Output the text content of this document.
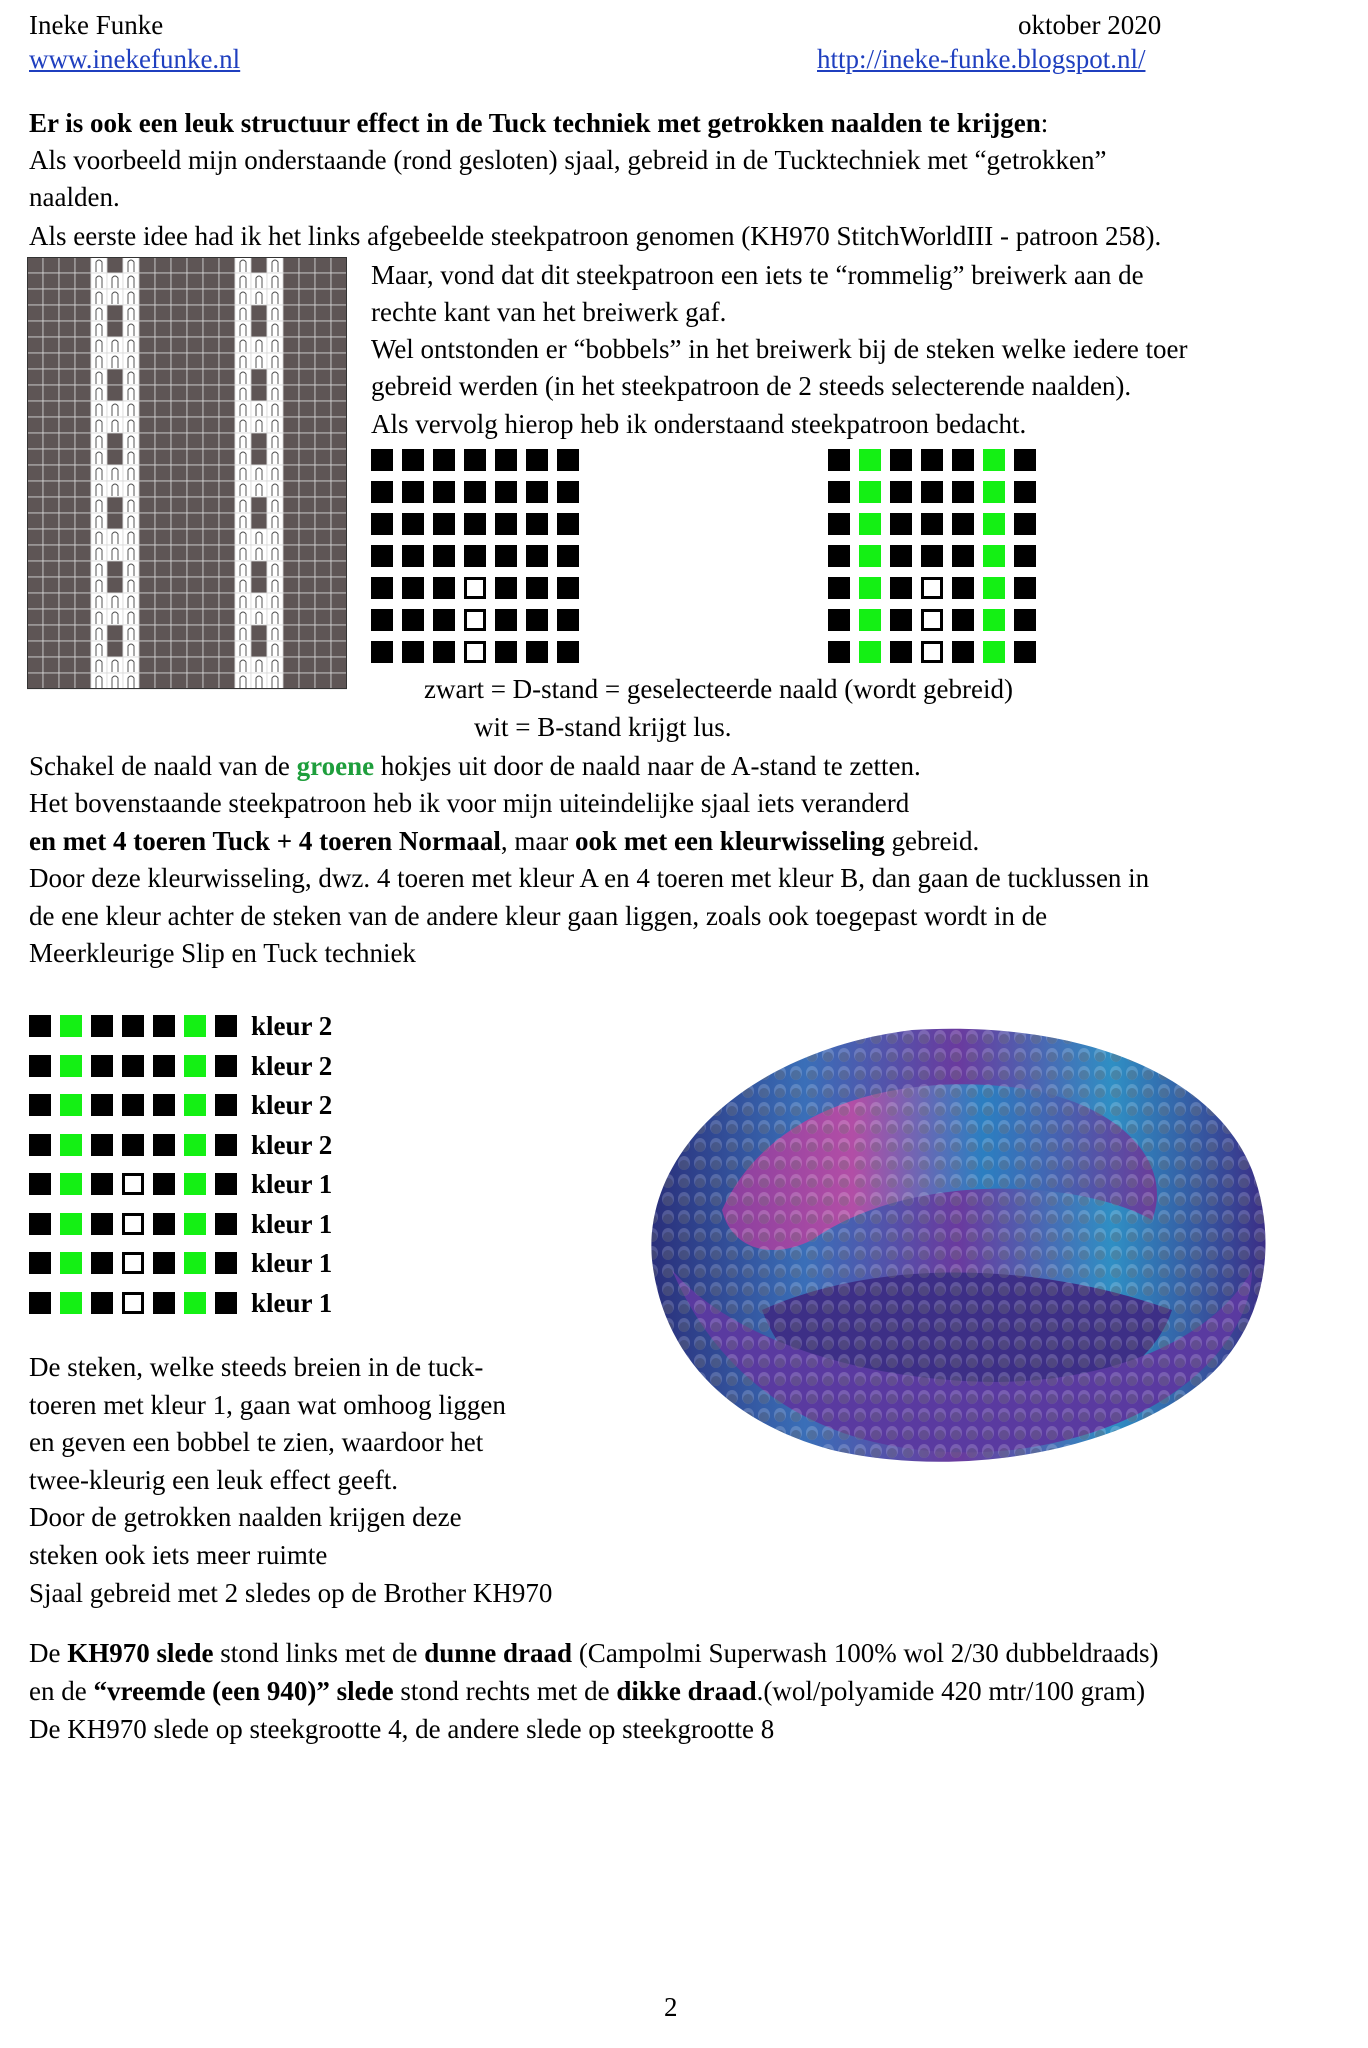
Ineke Funke	oktober 2020
www.inekefunke.nl	http://ineke-funke.blogspot.nl/
Er is ook een leuk structuur effect in de Tuck techniek met getrokken naalden te krijgen:
Als voorbeeld mijn onderstaande (rond gesloten) sjaal, gebreid in de Tucktechniek met “getrokken”
naalden.
Als eerste idee had ik het links afgebeelde steekpatroon genomen (KH970 StitchWorldIII - patroon 258).
Maar, vond dat dit steekpatroon een iets te “rommelig” breiwerk aan de
rechte kant van het breiwerk gaf.
Wel ontstonden er “bobbels” in het breiwerk bij de steken welke iedere toer
gebreid werden (in het steekpatroon de 2 steeds selecterende naalden).
Als vervolg hierop heb ik onderstaand steekpatroon bedacht.
zwart = D-stand = geselecteerde naald (wordt gebreid)
wit = B-stand krijgt lus.
Schakel de naald van de groene hokjes uit door de naald naar de A-stand te zetten.
Het bovenstaande steekpatroon heb ik voor mijn uiteindelijke sjaal iets veranderd
en met 4 toeren Tuck + 4 toeren Normaal, maar ook met een kleurwisseling gebreid.
Door deze kleurwisseling, dwz. 4 toeren met kleur A en 4 toeren met kleur B, dan gaan de tucklussen in
de ene kleur achter de steken van de andere kleur gaan liggen, zoals ook toegepast wordt in de
Meerkleurige Slip en Tuck techniek
kleur 2
kleur 2
kleur 2
kleur 2
kleur 1
kleur 1
kleur 1
kleur 1
De steken, welke steeds breien in de tuck-
toeren met kleur 1, gaan wat omhoog liggen
en geven een bobbel te zien, waardoor het
twee-kleurig een leuk effect geeft.
Door de getrokken naalden krijgen deze
steken ook iets meer ruimte
Sjaal gebreid met 2 sledes op de Brother KH970
De KH970 slede stond links met de dunne draad (Campolmi Superwash 100% wol 2/30 dubbeldraads)
en de “vreemde (een 940)” slede stond rechts met de dikke draad.(wol/polyamide 420 mtr/100 gram)
De KH970 slede op steekgrootte 4, de andere slede op steekgrootte 8
2
